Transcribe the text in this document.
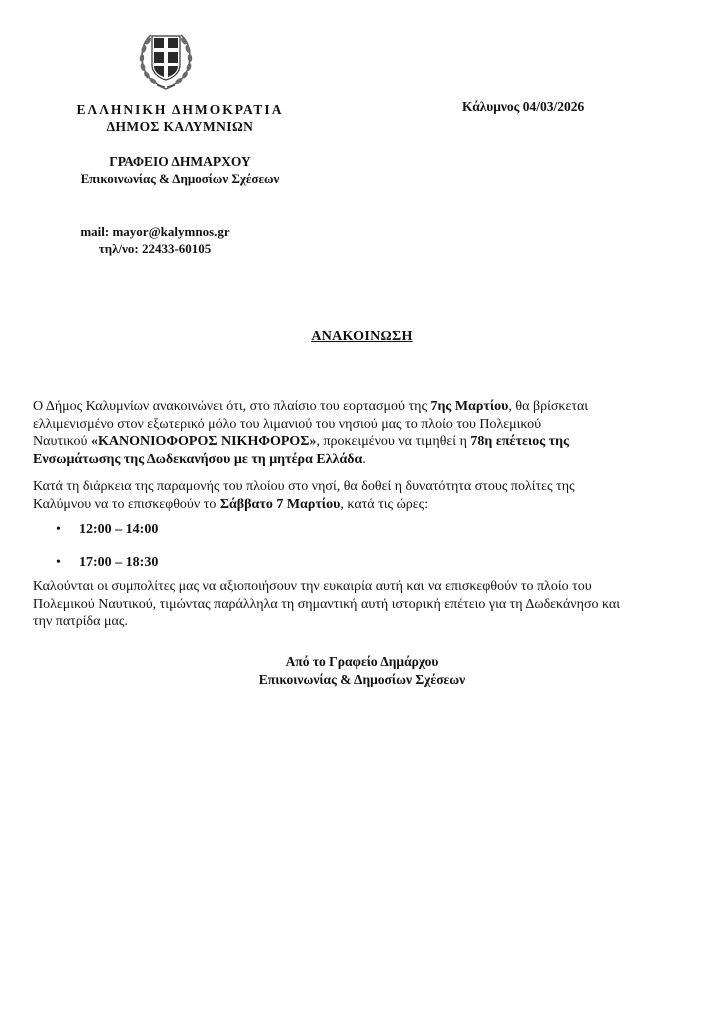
ΕΛΛΗΝΙΚΗ ΔΗΜΟΚΡΑΤΙΑ
ΔΗΜΟΣ ΚΑΛΥΜΝΙΩΝ
ΓΡΑΦΕΙΟ ΔΗΜΑΡΧΟΥ
Επικοινωνίας & Δημοσίων Σχέσεων
mail: mayor@kalymnos.gr
τηλ/νο: 22433-60105
Κάλυμνος 04/03/2026
ΑΝΑΚΟΙΝΩΣΗ
Ο Δήμος Καλυμνίων ανακοινώνει ότι, στο πλαίσιο του εορτασμού της 7ης Μαρτίου, θα βρίσκεται
ελλιμενισμένο στον εξωτερικό μόλο του λιμανιού του νησιού μας το πλοίο του Πολεμικού
Ναυτικού «ΚΑΝΟΝΙΟΦΟΡΟΣ ΝΙΚΗΦΟΡΟΣ», προκειμένου να τιμηθεί η 78η επέτειος της
Ενσωμάτωσης της Δωδεκανήσου με τη μητέρα Ελλάδα.
Κατά τη διάρκεια της παραμονής του πλοίου στο νησί, θα δοθεί η δυνατότητα στους πολίτες της
Καλύμνου να το επισκεφθούν το Σάββατο 7 Μαρτίου, κατά τις ώρες:
• 12:00 – 14:00
• 17:00 – 18:30
Καλούνται οι συμπολίτες μας να αξιοποιήσουν την ευκαιρία αυτή και να επισκεφθούν το πλοίο του
Πολεμικού Ναυτικού, τιμώντας παράλληλα τη σημαντική αυτή ιστορική επέτειο για τη Δωδεκάνησο και
την πατρίδα μας.
Από το Γραφείο Δημάρχου
Επικοινωνίας & Δημοσίων Σχέσεων
